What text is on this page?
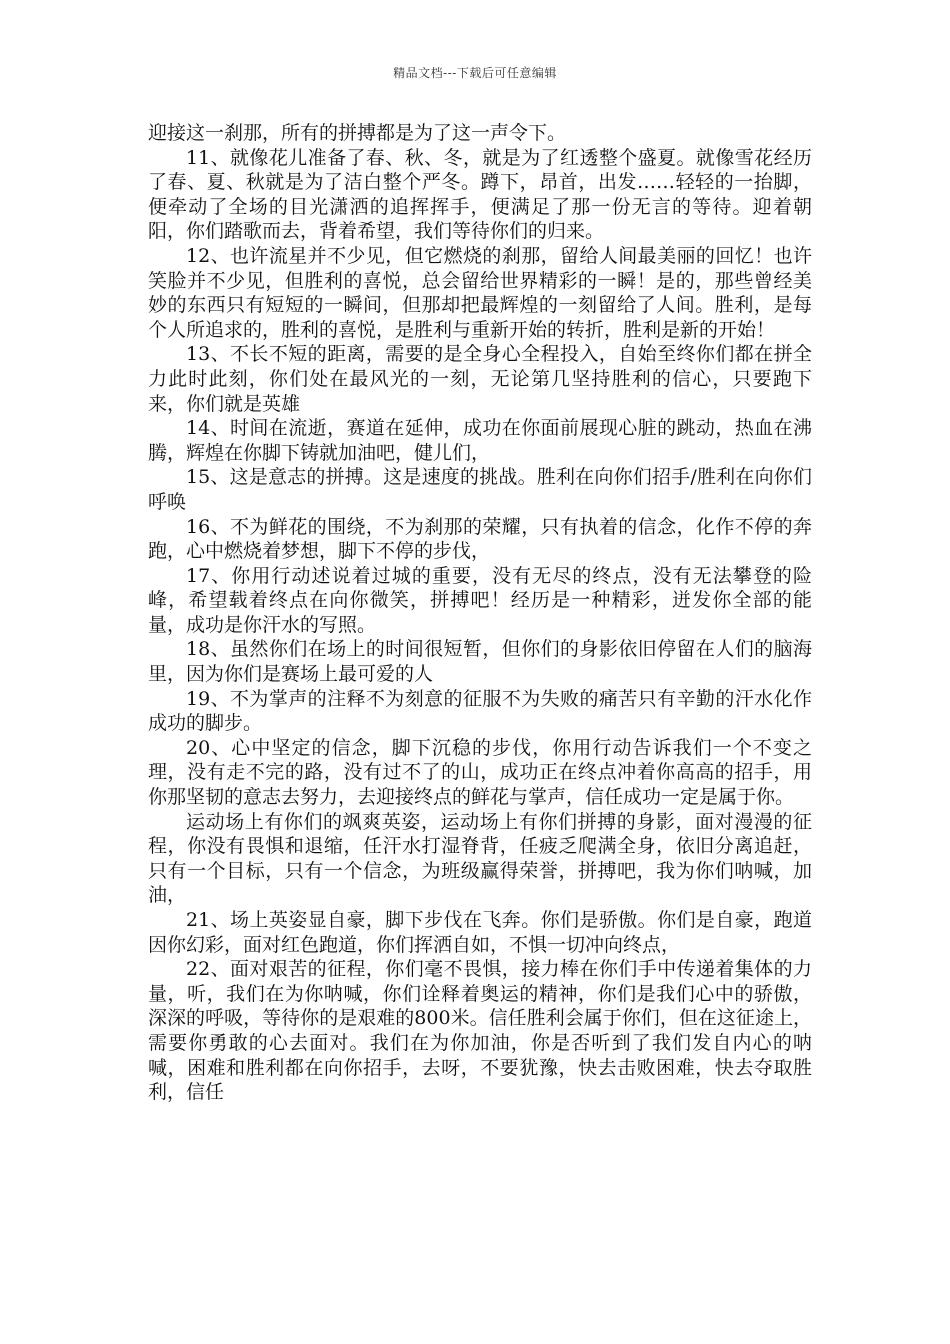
精品文档---下载后可任意编辑

迎接这一刹那，所有的拼搏都是为了这一声令下。

11、就像花儿准备了春、秋、冬，就是为了红透整个盛夏。就像雪花经历了春、夏、秋就是为了洁白整个严冬。蹲下，昂首，出发……轻轻的一抬脚，便牵动了全场的目光潇洒的追挥挥手，便满足了那一份无言的等待。迎着朝阳，你们踏歌而去，背着希望，我们等待你们的归来。

12、也许流星并不少见，但它燃烧的刹那，留给人间最美丽的回忆！也许笑脸并不少见，但胜利的喜悦，总会留给世界精彩的一瞬！是的，那些曾经美妙的东西只有短短的一瞬间，但那却把最辉煌的一刻留给了人间。胜利，是每个人所追求的，胜利的喜悦，是胜利与重新开始的转折，胜利是新的开始！

13、不长不短的距离，需要的是全身心全程投入，自始至终你们都在拼全力此时此刻，你们处在最风光的一刻，无论第几坚持胜利的信心，只要跑下来，你们就是英雄

14、时间在流逝，赛道在延伸，成功在你面前展现心脏的跳动，热血在沸腾，辉煌在你脚下铸就加油吧，健儿们，

15、这是意志的拼搏。这是速度的挑战。胜利在向你们招手/胜利在向你们呼唤

16、不为鲜花的围绕，不为刹那的荣耀，只有执着的信念，化作不停的奔跑，心中燃烧着梦想，脚下不停的步伐，

17、你用行动述说着过城的重要，没有无尽的终点，没有无法攀登的险峰，希望载着终点在向你微笑，拼搏吧！经历是一种精彩，迸发你全部的能量，成功是你汗水的写照。

18、虽然你们在场上的时间很短暂，但你们的身影依旧停留在人们的脑海里，因为你们是赛场上最可爱的人

19、不为掌声的注释不为刻意的征服不为失败的痛苦只有辛勤的汗水化作成功的脚步。

20、心中坚定的信念，脚下沉稳的步伐，你用行动告诉我们一个不变之理，没有走不完的路，没有过不了的山，成功正在终点冲着你高高的招手，用你那坚韧的意志去努力，去迎接终点的鲜花与掌声，信任成功一定是属于你。

运动场上有你们的飒爽英姿，运动场上有你们拼搏的身影，面对漫漫的征程，你没有畏惧和退缩，任汗水打湿脊背，任疲乏爬满全身，依旧分离追赶，只有一个目标，只有一个信念，为班级赢得荣誉，拼搏吧，我为你们呐喊，加油，

21、场上英姿显自豪，脚下步伐在飞奔。你们是骄傲。你们是自豪，跑道因你幻彩，面对红色跑道，你们挥洒自如，不惧一切冲向终点，

22、面对艰苦的征程，你们毫不畏惧，接力棒在你们手中传递着集体的力量，听，我们在为你呐喊，你们诠释着奥运的精神，你们是我们心中的骄傲，深深的呼吸，等待你的是艰难的800米。信任胜利会属于你们，但在这征途上，需要你勇敢的心去面对。我们在为你加油，你是否听到了我们发自内心的呐喊，困难和胜利都在向你招手，去呀，不要犹豫，快去击败困难，快去夺取胜利，信任
